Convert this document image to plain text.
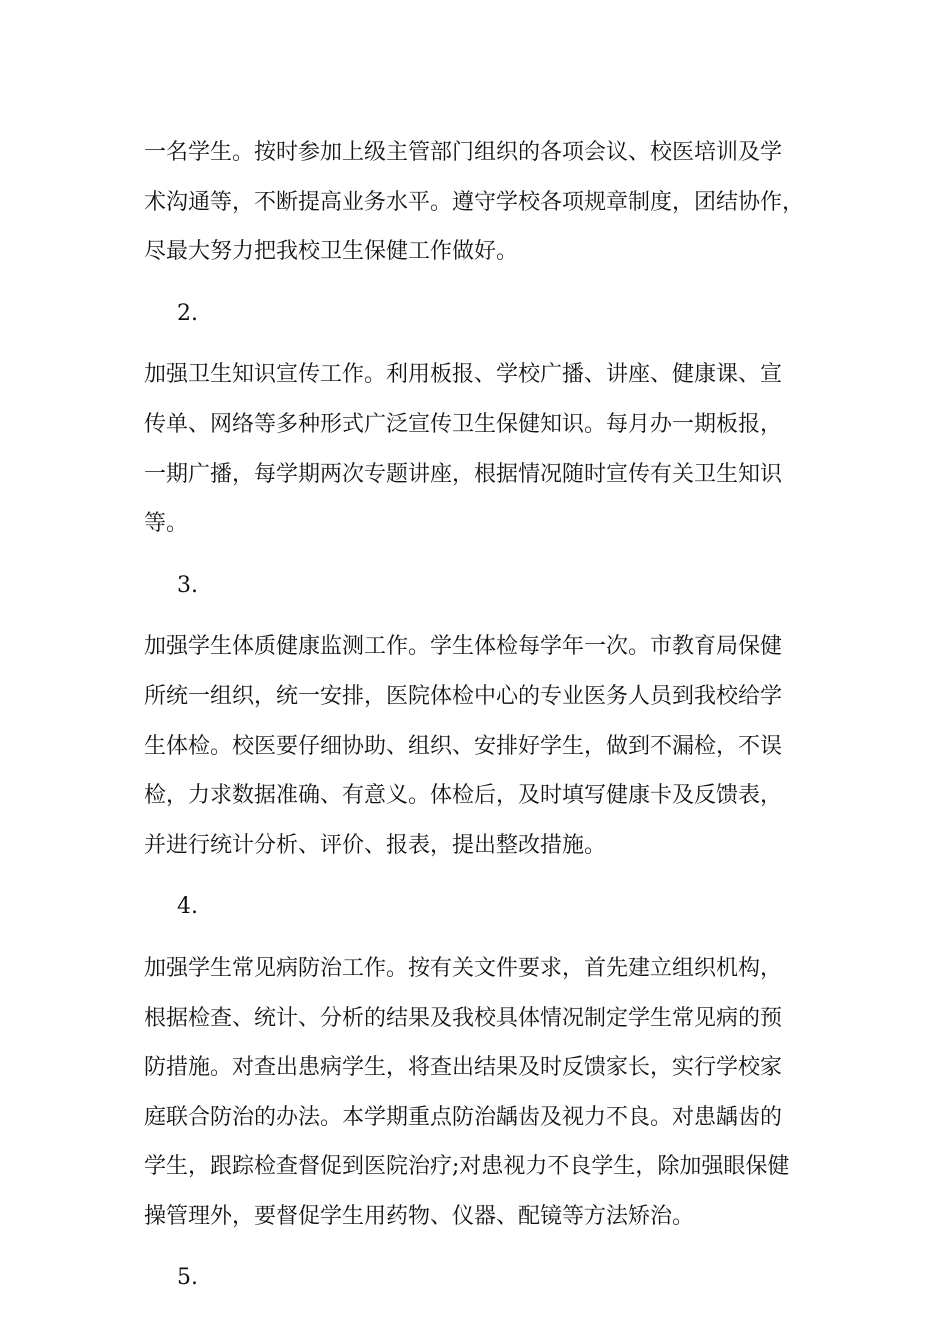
一名学生。按时参加上级主管部门组织的各项会议、校医培训及学
术沟通等，不断提高业务水平。遵守学校各项规章制度，团结协作，
尽最大努力把我校卫生保健工作做好。
2.
加强卫生知识宣传工作。利用板报、学校广播、讲座、健康课、宣
传单、网络等多种形式广泛宣传卫生保健知识。每月办一期板报，
一期广播，每学期两次专题讲座，根据情况随时宣传有关卫生知识
等。
3.
加强学生体质健康监测工作。学生体检每学年一次。市教育局保健
所统一组织，统一安排，医院体检中心的专业医务人员到我校给学
生体检。校医要仔细协助、组织、安排好学生，做到不漏检，不误
检，力求数据准确、有意义。体检后，及时填写健康卡及反馈表，
并进行统计分析、评价、报表，提出整改措施。
4.
加强学生常见病防治工作。按有关文件要求，首先建立组织机构，
根据检查、统计、分析的结果及我校具体情况制定学生常见病的预
防措施。对查出患病学生，将查出结果及时反馈家长，实行学校家
庭联合防治的办法。本学期重点防治龋齿及视力不良。对患龋齿的
学生，跟踪检查督促到医院治疗;对患视力不良学生，除加强眼保健
操管理外，要督促学生用药物、仪器、配镜等方法矫治。
5.
